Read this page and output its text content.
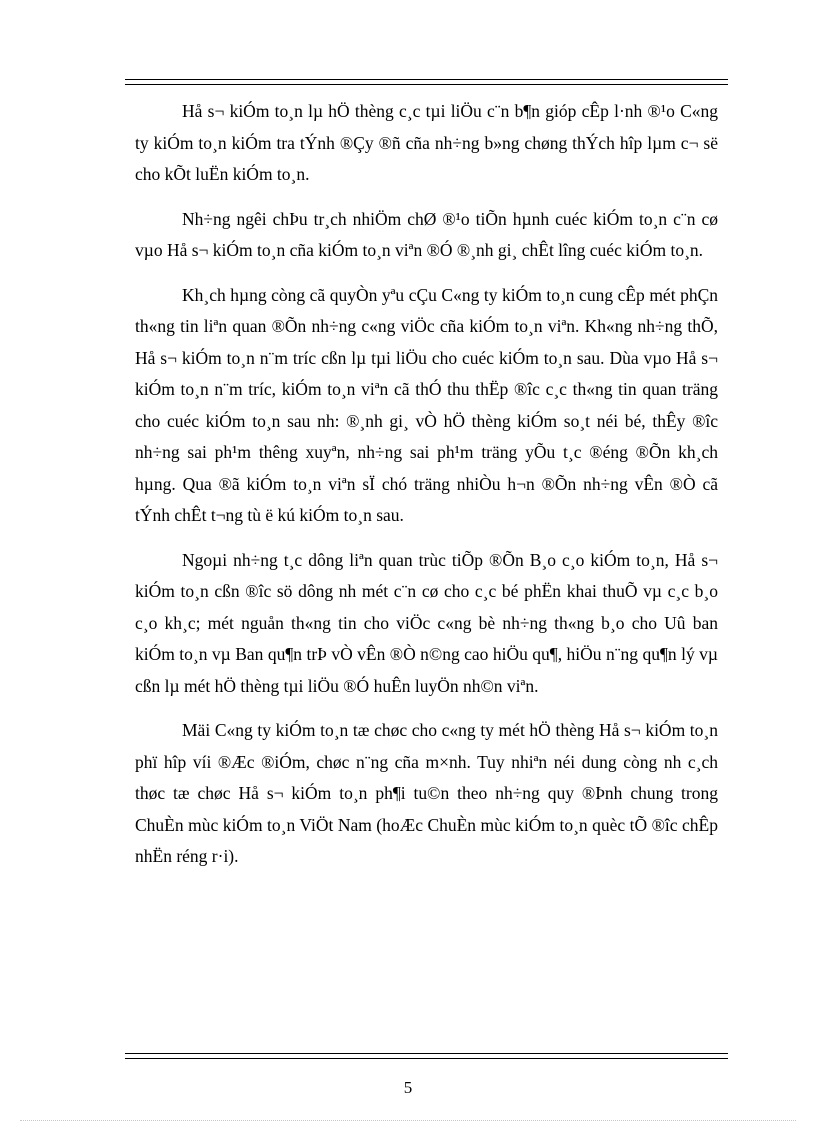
Hå s¬ kiÓm to¸n lµ hÖ thèng c¸c tµi liÖu c¨n b¶n gióp cÊp l·nh ®¹o C«ng ty kiÓm to¸n kiÓm tra tÝnh ®Çy ®ñ cña nh÷ng b»ng chøng thÝch hîp lµm c¬ së cho kÕt luËn kiÓm to¸n.

Nh÷ng ngêi chÞu tr¸ch nhiÖm chØ ®¹o tiÕn hµnh cuéc kiÓm to¸n c¨n cø vµo Hå s¬ kiÓm to¸n cña kiÓm to¸n viªn ®Ó ®¸nh gi¸ chÊt lîng cuéc kiÓm to¸n.

Kh¸ch hµng còng cã quyÒn yªu cÇu C«ng ty kiÓm to¸n cung cÊp mét phÇn th«ng tin liªn quan ®Õn nh÷ng c«ng viÖc cña kiÓm to¸n viªn. Kh«ng nh÷ng thÕ, Hå s¬ kiÓm to¸n n¨m tríc cßn lµ tµi liÖu cho cuéc kiÓm to¸n sau. Dùa vµo Hå s¬ kiÓm to¸n n¨m tríc, kiÓm to¸n viªn cã thÓ thu thËp ®îc c¸c th«ng tin quan träng cho cuéc kiÓm to¸n sau nh: ®¸nh gi¸ vÒ hÖ thèng kiÓm so¸t néi bé, thÊy ®îc nh÷ng sai ph¹m thêng xuyªn, nh÷ng sai ph¹m träng yÕu t¸c ®éng ®Õn kh¸ch hµng. Qua ®ã kiÓm to¸n viªn sÏ chó träng nhiÒu h¬n ®Õn nh÷ng vÊn ®Ò cã tÝnh chÊt t¬ng tù ë kú kiÓm to¸n sau.

Ngoµi nh÷ng t¸c dông liªn quan trùc tiÕp ®Õn B¸o c¸o kiÓm to¸n, Hå s¬ kiÓm to¸n cßn ®îc sö dông nh mét c¨n cø cho c¸c bé phËn khai thuÕ vµ c¸c b¸o c¸o kh¸c; mét nguån th«ng tin cho viÖc c«ng bè nh÷ng th«ng b¸o cho Uû ban kiÓm to¸n vµ Ban qu¶n trÞ vÒ vÊn ®Ò n©ng cao hiÖu qu¶, hiÖu n¨ng qu¶n lý vµ cßn lµ mét hÖ thèng tµi liÖu ®Ó huÊn luyÖn nh©n viªn.

Mäi C«ng ty kiÓm to¸n tæ chøc cho c«ng ty mét hÖ thèng Hå s¬ kiÓm to¸n phï hîp víi ®Æc ®iÓm, chøc n¨ng cña m×nh. Tuy nhiªn néi dung còng nh c¸ch thøc tæ chøc Hå s¬ kiÓm to¸n ph¶i tu©n theo nh÷ng quy ®Þnh chung trong ChuÈn mùc kiÓm to¸n ViÖt Nam (hoÆc ChuÈn mùc kiÓm to¸n quèc tÕ ®îc chÊp nhËn réng r·i).

5
